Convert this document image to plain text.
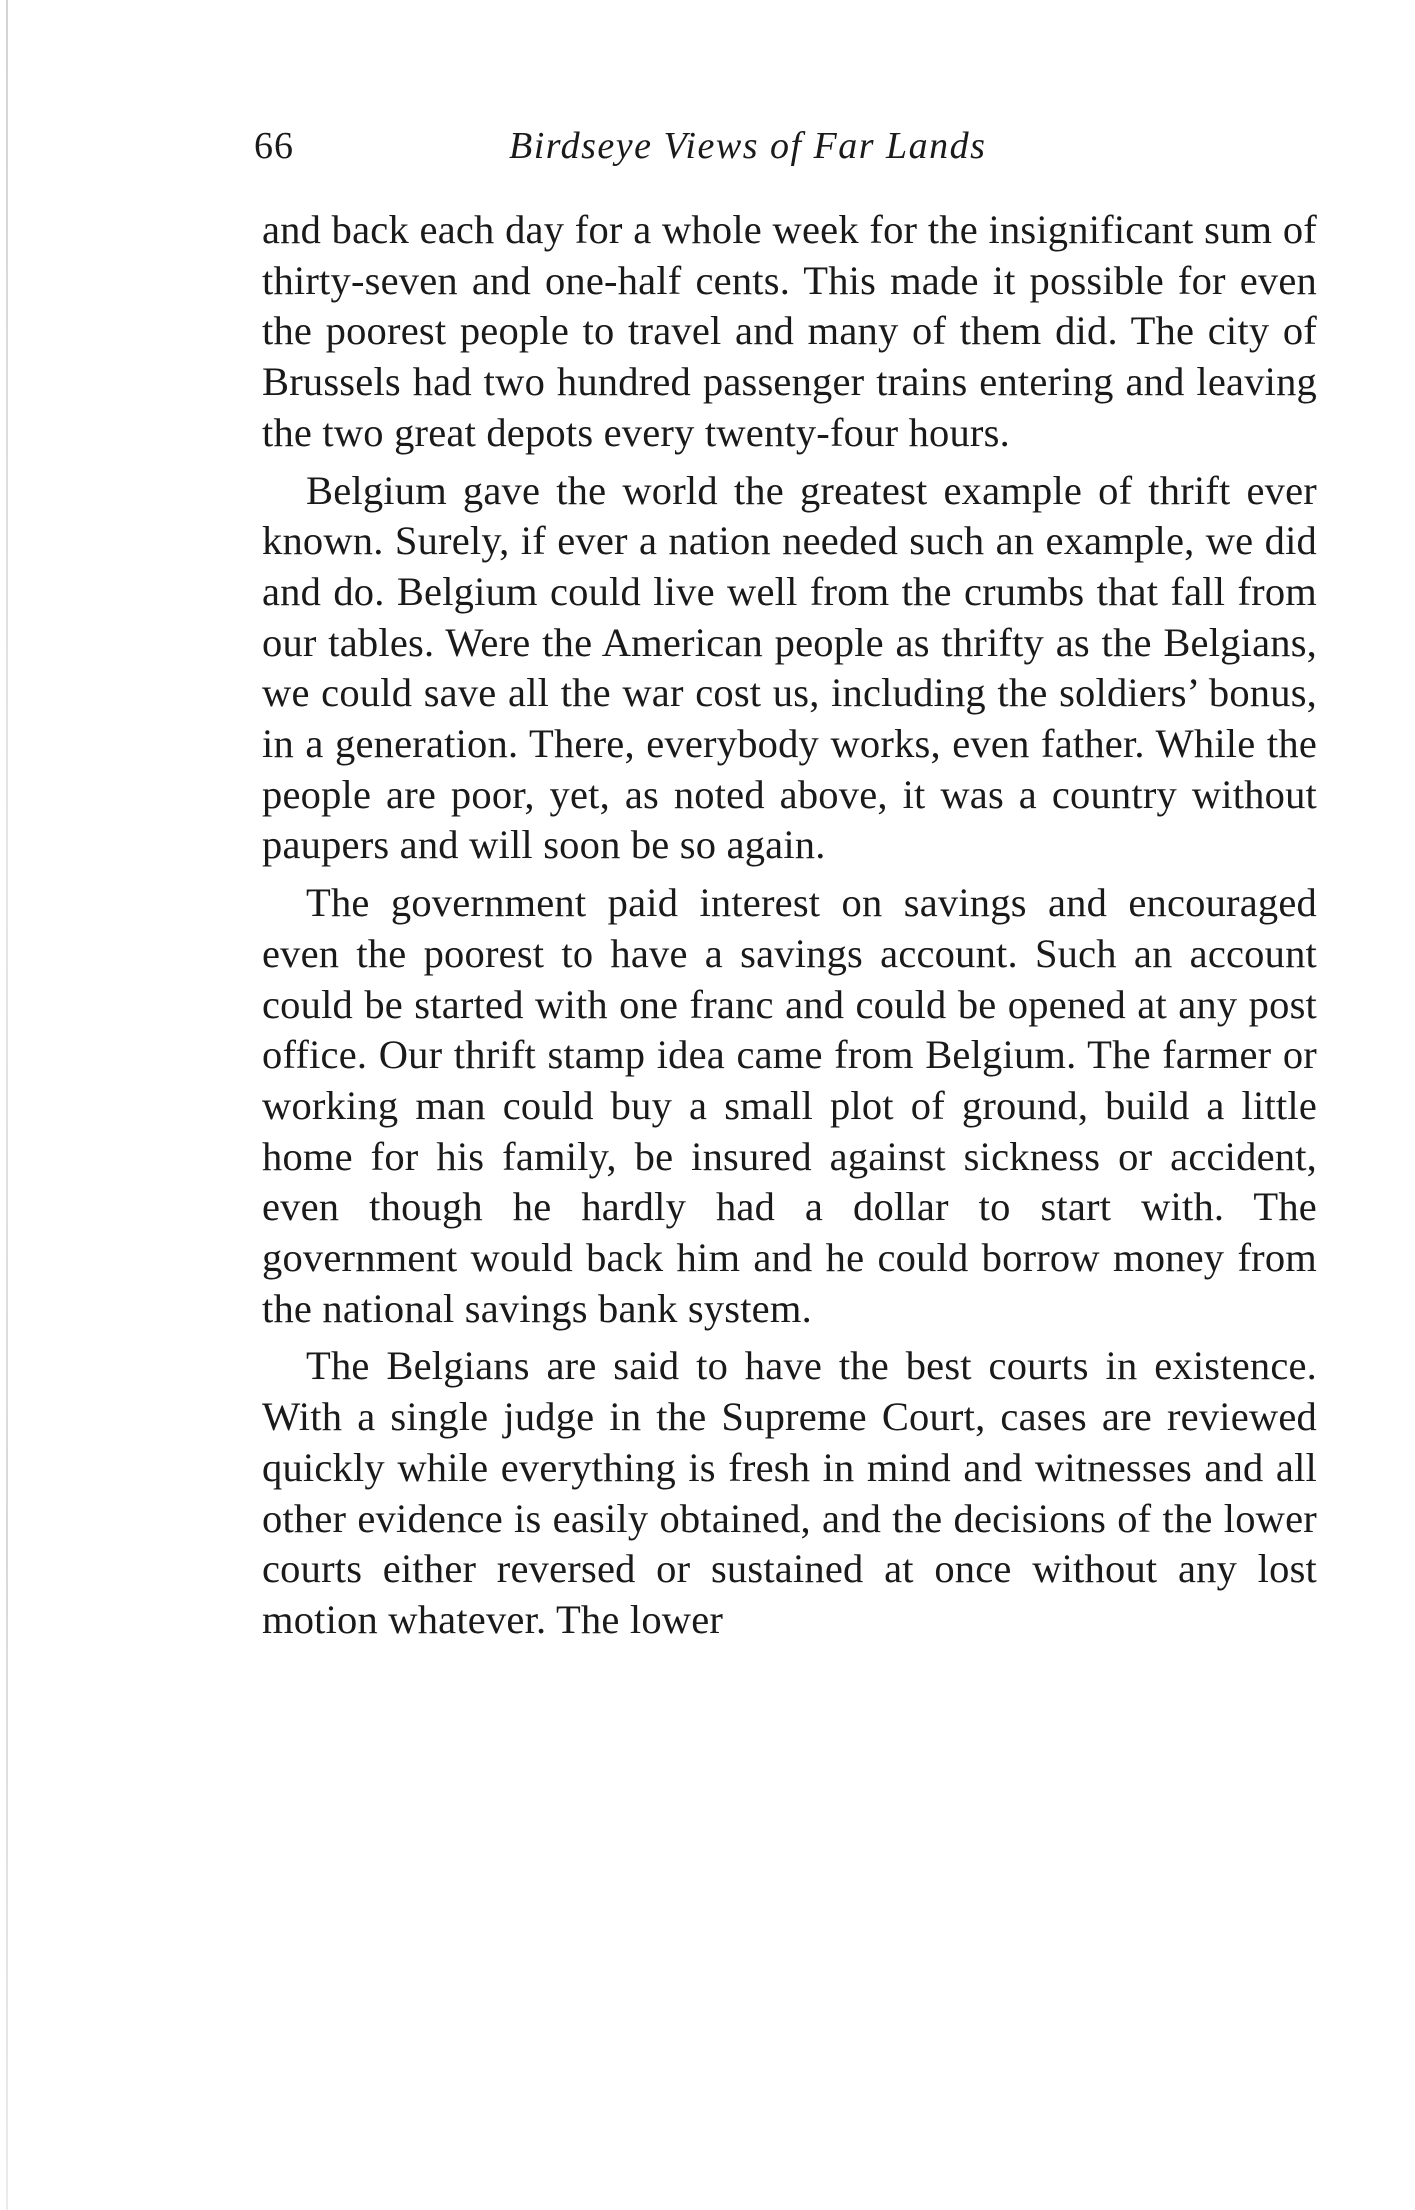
66	Birdseye Views of Far Lands

and back each day for a whole week for the insignificant sum of thirty-seven and one-half cents. This made it possible for even the poorest people to travel and many of them did. The city of Brussels had two hundred passenger trains entering and leaving the two great depots every twenty-four hours.

Belgium gave the world the greatest example of thrift ever known. Surely, if ever a nation needed such an example, we did and do. Belgium could live well from the crumbs that fall from our tables. Were the American people as thrifty as the Belgians, we could save all the war cost us, including the soldiers’ bonus, in a generation. There, everybody works, even father. While the people are poor, yet, as noted above, it was a country without paupers and will soon be so again.

The government paid interest on savings and encouraged even the poorest to have a savings account. Such an account could be started with one franc and could be opened at any post office. Our thrift stamp idea came from Belgium. The farmer or working man could buy a small plot of ground, build a little home for his family, be insured against sickness or accident, even though he hardly had a dollar to start with. The government would back him and he could borrow money from the national savings bank system.

The Belgians are said to have the best courts in existence. With a single judge in the Supreme Court, cases are reviewed quickly while everything is fresh in mind and witnesses and all other evidence is easily obtained, and the decisions of the lower courts either reversed or sustained at once without any lost motion whatever. The lower
